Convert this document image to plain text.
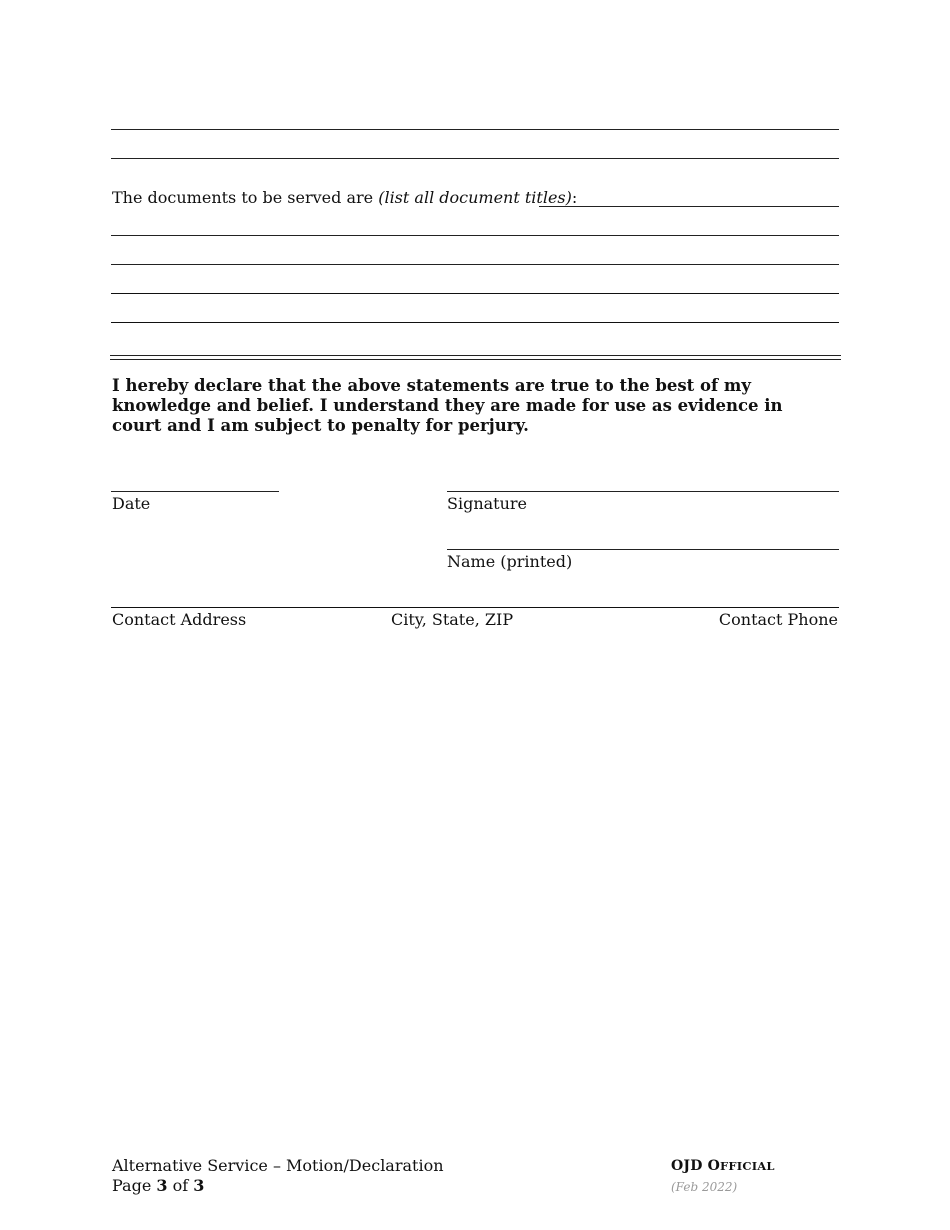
The documents to be served are (list all document titles):
I hereby declare that the above statements are true to the best of my knowledge and belief. I understand they are made for use as evidence in court and I am subject to penalty for perjury.
Date	Signature
Name (printed)
Contact Address	City, State, ZIP	Contact Phone
Alternative Service – Motion/Declaration
Page 3 of 3
OJD OFFICIAL
(Feb 2022)
